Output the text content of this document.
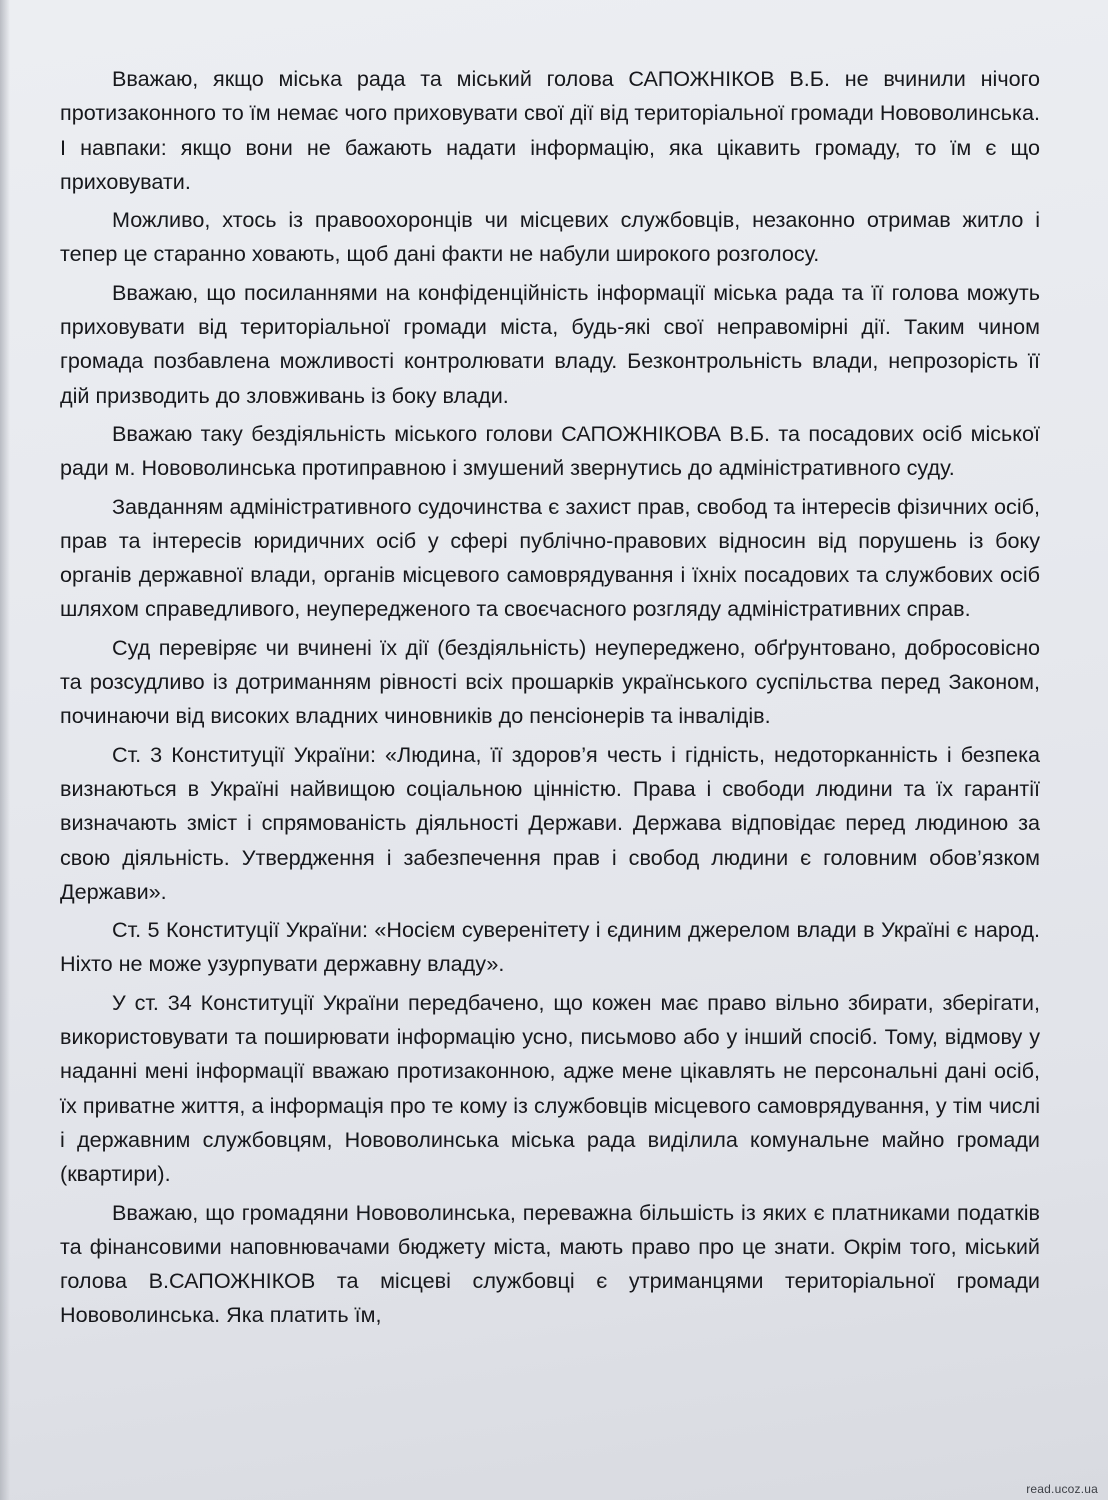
Вважаю, якщо міська рада та міський голова САПОЖНІКОВ В.Б. не вчинили нічого протизаконного то їм немає чого приховувати свої дії від територіальної громади Нововолинська. І навпаки: якщо вони не бажають надати інформацію, яка цікавить громаду, то їм є що приховувати.

Можливо, хтось із правоохоронців чи місцевих службовців, незаконно отримав житло і тепер це старанно ховають, щоб дані факти не набули широкого розголосу.

Вважаю, що посиланнями на конфіденційність інформації міська рада та її голова можуть приховувати від територіальної громади міста, будь-які свої неправомірні дії. Таким чином громада позбавлена можливості контролювати владу. Безконтрольність влади, непрозорість її дій призводить до зловживань із боку влади.

Вважаю таку бездіяльність міського голови САПОЖНІКОВА В.Б. та посадових осіб міської ради м. Нововолинська протиправною і змушений звернутись до адміністративного суду.

Завданням адміністративного судочинства є захист прав, свобод та інтересів фізичних осіб, прав та інтересів юридичних осіб у сфері публічно-правових відносин від порушень із боку органів державної влади, органів місцевого самоврядування і їхніх посадових та службових осіб шляхом справедливого, неупередженого та своєчасного розгляду адміністративних справ.

Суд перевіряє чи вчинені їх дії (бездіяльність) неупереджено, обґрунтовано, добросовісно та розсудливо із дотриманням рівності всіх прошарків українського суспільства перед Законом, починаючи від високих владних чиновників до пенсіонерів та інвалідів.

Ст. 3 Конституції України: «Людина, її здоров’я честь і гідність, недоторканність і безпека визнаються в Україні найвищою соціальною цінністю. Права і свободи людини та їх гарантії визначають зміст і спрямованість діяльності Держави. Держава відповідає перед людиною за свою діяльність. Утвердження і забезпечення прав і свобод людини є головним обов’язком Держави».

Ст. 5 Конституції України: «Носієм суверенітету і єдиним джерелом влади в Україні є народ. Ніхто не може узурпувати державну владу».

У ст. 34 Конституції України передбачено, що кожен має право вільно збирати, зберігати, використовувати та поширювати інформацію усно, письмово або у інший спосіб. Тому, відмову у наданні мені інформації вважаю протизаконною, адже мене цікавлять не персональні дані осіб, їх приватне життя, а інформація про те кому із службовців місцевого самоврядування, у тім числі і державним службовцям, Нововолинська міська рада виділила комунальне майно громади (квартири).

Вважаю, що громадяни Нововолинська, переважна більшість із яких є платниками податків та фінансовими наповнювачами бюджету міста, мають право про це знати. Окрім того, міський голова В.САПОЖНІКОВ та місцеві службовці є утриманцями територіальної громади Нововолинська. Яка платить їм,

read.ucoz.ua
